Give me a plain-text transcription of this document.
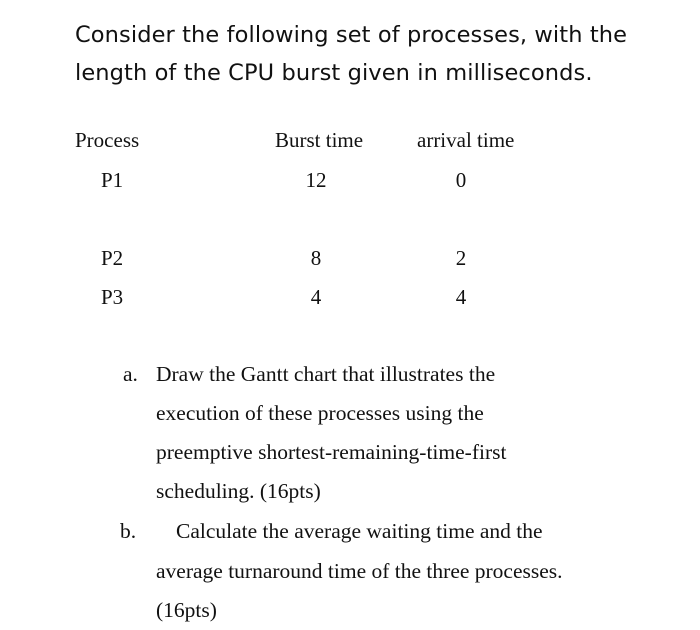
Consider the following set of processes, with the
length of the CPU burst given in milliseconds.
Process	Burst time	arrival time
P1	12	0
P2	8	2
P3	4	4
a. Draw the Gantt chart that illustrates the
execution of these processes using the
preemptive shortest-remaining-time-first
scheduling. (16pts)
b. Calculate the average waiting time and the
average turnaround time of the three processes.
(16pts)
